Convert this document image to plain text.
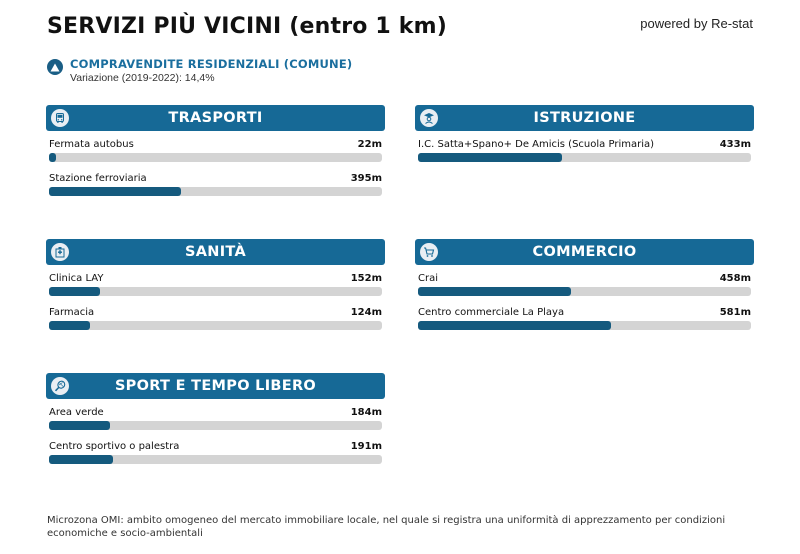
SERVIZI PIÙ VICINI (entro 1 km)	powered by Re-stat
COMPRAVENDITE RESIDENZIALI (COMUNE)
Variazione (2019-2022): 14,4%
TRASPORTI
Fermata autobus	22m
Stazione ferroviaria	395m
ISTRUZIONE
I.C. Satta+Spano+ De Amicis (Scuola Primaria)	433m
SANITÀ
Clinica LAY	152m
Farmacia	124m
COMMERCIO
Crai	458m
Centro commerciale La Playa	581m
SPORT E TEMPO LIBERO
Area verde	184m
Centro sportivo o palestra	191m
Microzona OMI: ambito omogeneo del mercato immobiliare locale, nel quale si registra una uniformità di apprezzamento per condizioni economiche e socio-ambientali
